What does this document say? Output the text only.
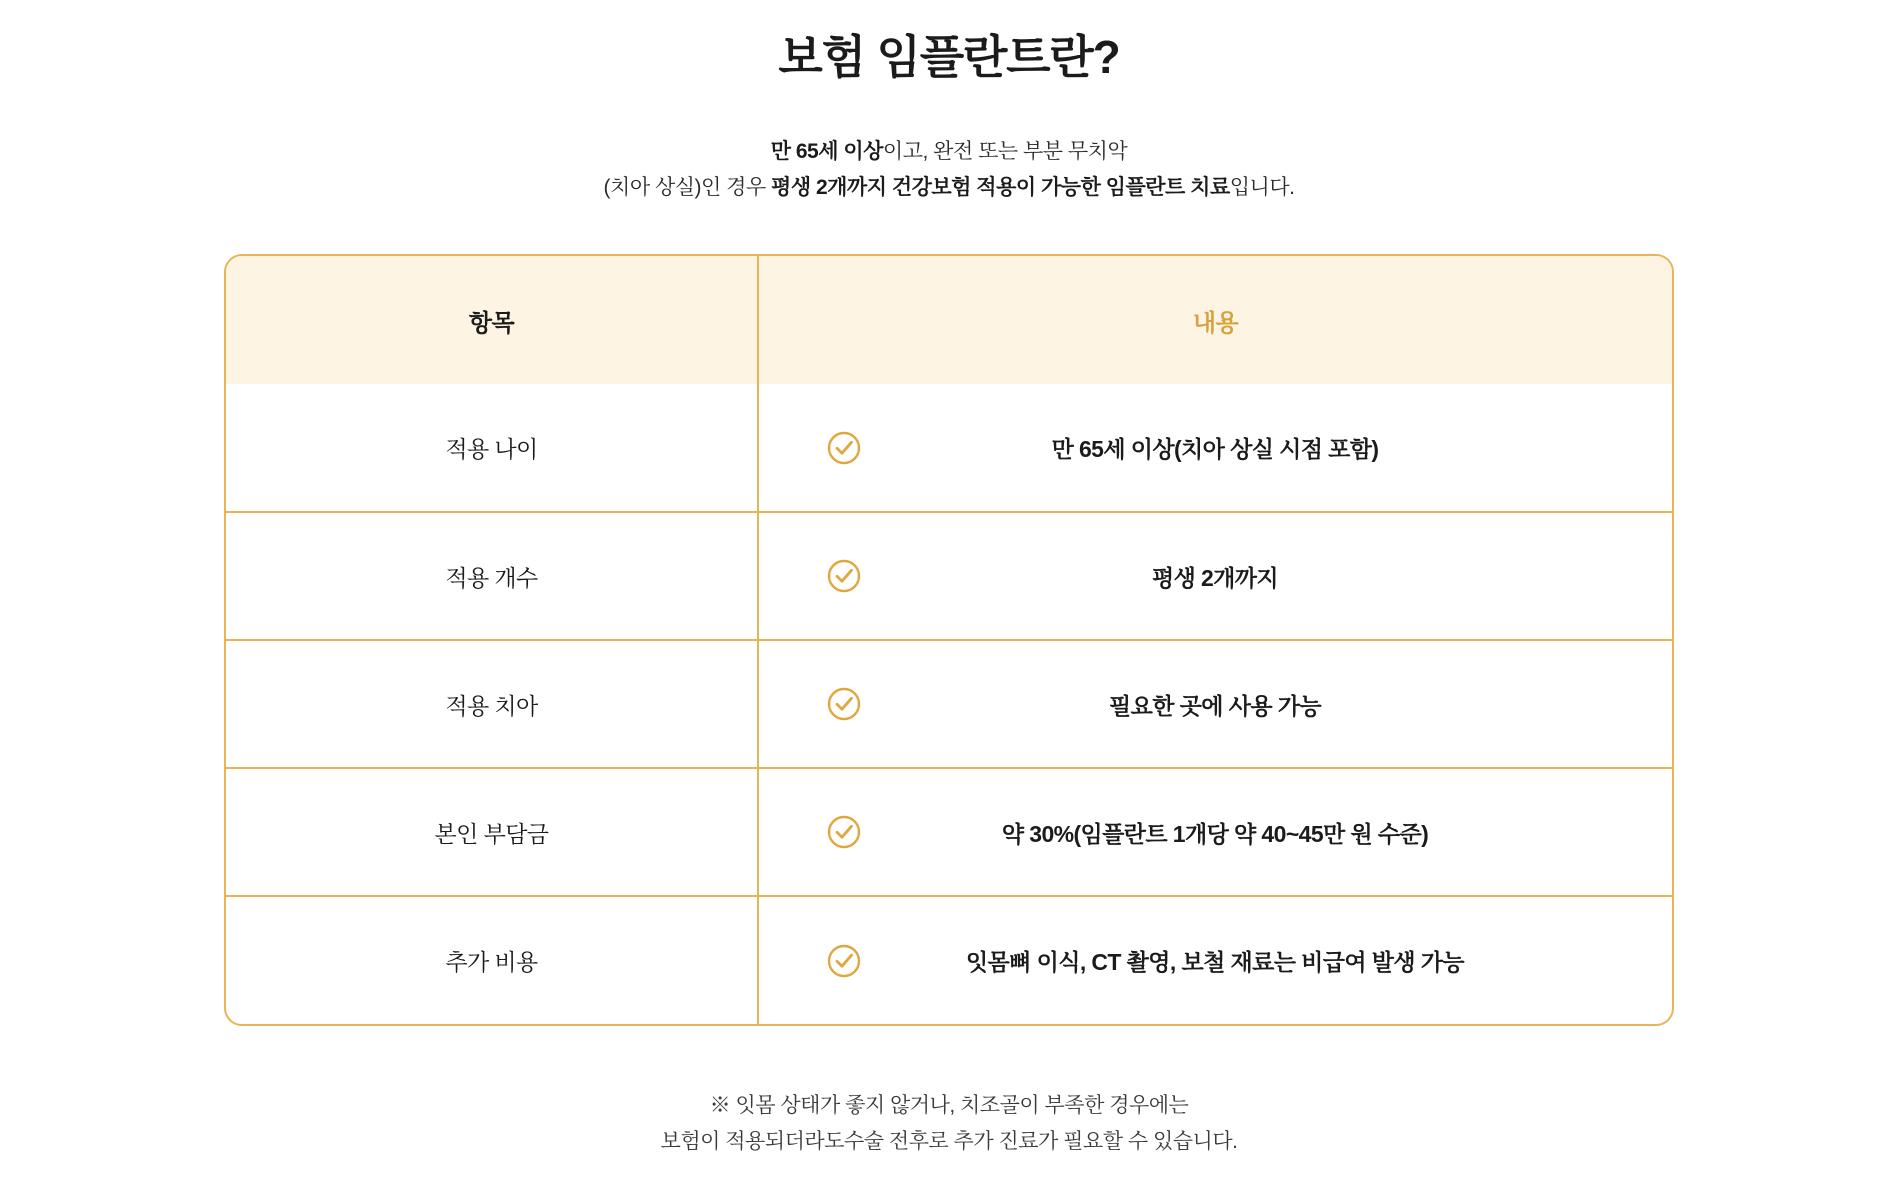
보험 임플란트란?
만 65세 이상이고, 완전 또는 부분 무치악
(치아 상실)인 경우 평생 2개까지 건강보험 적용이 가능한 임플란트 치료입니다.
항목	내용
적용 나이	만 65세 이상(치아 상실 시점 포함)
적용 개수	평생 2개까지
적용 치아	필요한 곳에 사용 가능
본인 부담금	약 30%(임플란트 1개당 약 40~45만 원 수준)
추가 비용	잇몸뼈 이식, CT 촬영, 보철 재료는 비급여 발생 가능
※ 잇몸 상태가 좋지 않거나, 치조골이 부족한 경우에는
보험이 적용되더라도수술 전후로 추가 진료가 필요할 수 있습니다.
